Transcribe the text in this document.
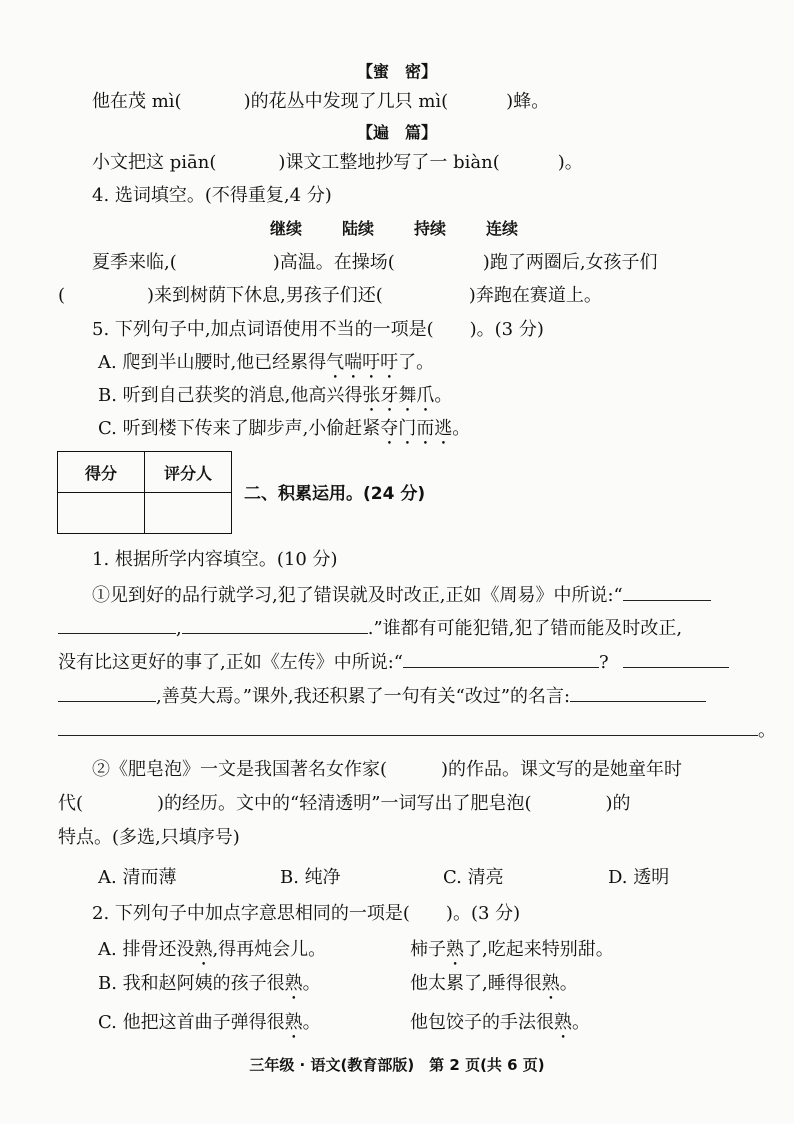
【蜜　密】
他在茂 mì(	)的花丛中发现了几只 mì(	)蜂。
【遍　篇】
小文把这 piān(	)课文工整地抄写了一 biàn(	)。
4. 选词填空。(不得重复,4 分)
继续	陆续	持续	连续
夏季来临,(	)高温。在操场(	)跑了两圈后,女孩子们
(	)来到树荫下休息,男孩子们还(	)奔跑在赛道上。
5. 下列句子中,加点词语使用不当的一项是(　　)。(3 分)
A. 爬到半山腰时,他已经累得气喘吁吁了。
B. 听到自己获奖的消息,他高兴得张牙舞爪。
C. 听到楼下传来了脚步声,小偷赶紧夺门而逃。
得分	评分人

二、积累运用。(24 分)
1. 根据所学内容填空。(10 分)
①见到好的品行就学习,犯了错误就及时改正,正如《周易》中所说:“
,	.”谁都有可能犯错,犯了错而能及时改正,
没有比这更好的事了,正如《左传》中所说:“	?
,善莫大焉。”课外,我还积累了一句有关“改过”的名言:
。
②《肥皂泡》一文是我国著名女作家(　　　)的作品。课文写的是她童年时
代(	)的经历。文中的“轻清透明”一词写出了肥皂泡(	)的
特点。(多选,只填序号)
A. 清而薄	B. 纯净	C. 清亮	D. 透明
2. 下列句子中加点字意思相同的一项是(　　)。(3 分)
A. 排骨还没熟,得再炖会儿。	柿子熟了,吃起来特别甜。
B. 我和赵阿姨的孩子很熟。	他太累了,睡得很熟。
C. 他把这首曲子弹得很熟。	他包饺子的手法很熟。
三年级 · 语文(教育部版)　第 2 页(共 6 页)
